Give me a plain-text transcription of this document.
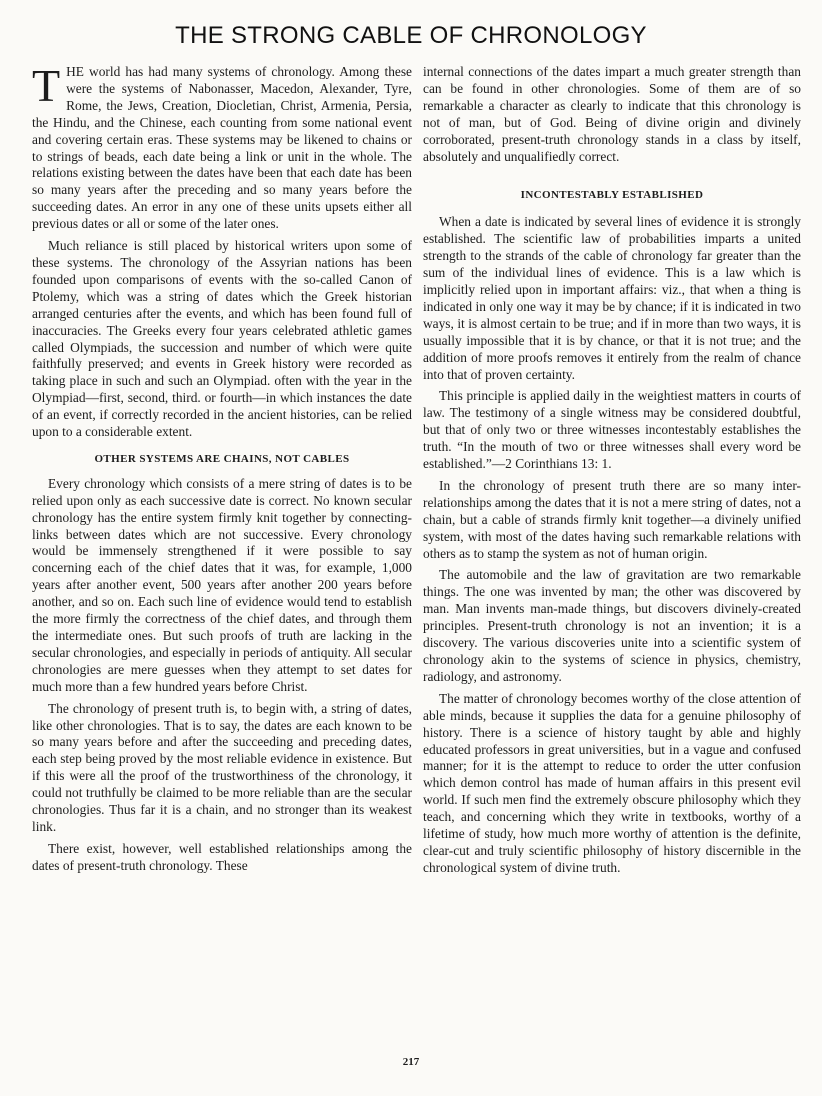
THE STRONG CABLE OF CHRONOLOGY

THE world has had many systems of chronology. Among these were the systems of Nabonasser, Macedon, Alexander, Tyre, Rome, the Jews, Creation, Diocletian, Christ, Armenia, Persia, the Hindu, and the Chinese, each counting from some national event and covering certain eras. These systems may be likened to chains or to strings of beads, each date being a link or unit in the whole. The relations existing between the dates have been that each date has been so many years after the preceding and so many years before the succeeding dates. An error in any one of these units upsets either all previous dates or all or some of the later ones.

Much reliance is still placed by historical writers upon some of these systems. The chronology of the Assyrian nations has been founded upon comparisons of events with the so-called Canon of Ptolemy, which was a string of dates which the Greek historian arranged centuries after the events, and which has been found full of inaccuracies. The Greeks every four years celebrated athletic games called Olympiads, the succession and number of which were quite faithfully preserved; and events in Greek history were recorded as taking place in such and such an Olympiad. often with the year in the Olympiad—first, second, third. or fourth—in which instances the date of an event, if correctly recorded in the ancient histories, can be relied upon to a considerable extent.

OTHER SYSTEMS ARE CHAINS, NOT CABLES

Every chronology which consists of a mere string of dates is to be relied upon only as each successive date is correct. No known secular chronology has the entire system firmly knit together by connecting-links between dates which are not successive. Every chronology would be immensely strengthened if it were possible to say concerning each of the chief dates that it was, for example, 1,000 years after another event, 500 years after another 200 years before another, and so on. Each such line of evidence would tend to establish the more firmly the correctness of the chief dates, and through them the intermediate ones. But such proofs of truth are lacking in the secular chronologies, and especially in periods of antiquity. All secular chronologies are mere guesses when they attempt to set dates for much more than a few hundred years before Christ.

The chronology of present truth is, to begin with, a string of dates, like other chronologies. That is to say, the dates are each known to be so many years before and after the succeeding and preceding dates, each step being proved by the most reliable evidence in existence. But if this were all the proof of the trustworthiness of the chronology, it could not truthfully be claimed to be more reliable than are the secular chronologies. Thus far it is a chain, and no stronger than its weakest link.

There exist, however, well established relationships among the dates of present-truth chronology. These

internal connections of the dates impart a much greater strength than can be found in other chronologies. Some of them are of so remarkable a character as clearly to indicate that this chronology is not of man, but of God. Being of divine origin and divinely corroborated, present-truth chronology stands in a class by itself, absolutely and unqualifiedly correct.

INCONTESTABLY ESTABLISHED

When a date is indicated by several lines of evidence it is strongly established. The scientific law of probabilities imparts a united strength to the strands of the cable of chronology far greater than the sum of the individual lines of evidence. This is a law which is implicitly relied upon in important affairs: viz., that when a thing is indicated in only one way it may be by chance; if it is indicated in two ways, it is almost certain to be true; and if in more than two ways, it is usually impossible that it is by chance, or that it is not true; and the addition of more proofs removes it entirely from the realm of chance into that of proven certainty.

This principle is applied daily in the weightiest matters in courts of law. The testimony of a single witness may be considered doubtful, but that of only two or three witnesses incontestably establishes the truth. “In the mouth of two or three witnesses shall every word be established.”—2 Corinthians 13: 1.

In the chronology of present truth there are so many inter-relationships among the dates that it is not a mere string of dates, not a chain, but a cable of strands firmly knit together—a divinely unified system, with most of the dates having such remarkable relations with others as to stamp the system as not of human origin.

The automobile and the law of gravitation are two remarkable things. The one was invented by man; the other was discovered by man. Man invents man-made things, but discovers divinely-created principles. Present-truth chronology is not an invention; it is a discovery. The various discoveries unite into a scientific system of chronology akin to the systems of science in physics, chemistry, radiology, and astronomy.

The matter of chronology becomes worthy of the close attention of able minds, because it supplies the data for a genuine philosophy of history. There is a science of history taught by able and highly educated professors in great universities, but in a vague and confused manner; for it is the attempt to reduce to order the utter confusion which demon control has made of human affairs in this present evil world. If such men find the extremely obscure philosophy which they teach, and concerning which they write in textbooks, worthy of a lifetime of study, how much more worthy of attention is the definite, clear-cut and truly scientific philosophy of history discernible in the chronological system of divine truth.

217
